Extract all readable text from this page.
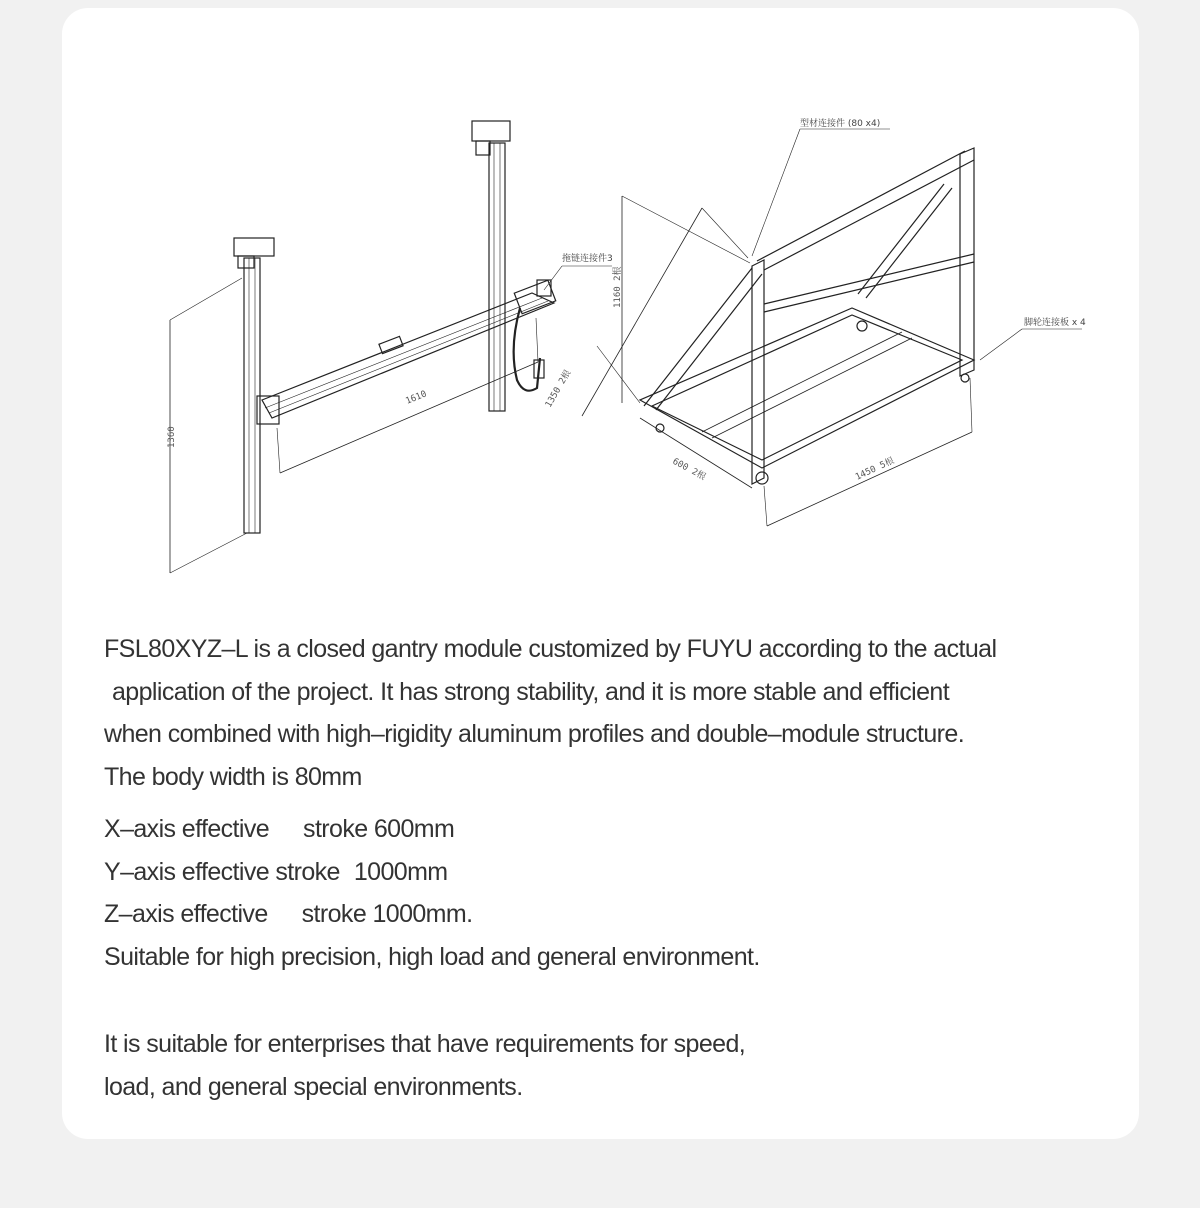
1360
1610
拖链连接件3
1160 2根
1350 2根
600 2根	1450 5根
型材连接件 (80 x4)
脚轮连接板 x 4

FSL80XYZ–L is a closed gantry module customized by FUYU according to the actual

application of the project. It has strong stability, and it is more stable and efficient

when combined with high–rigidity aluminum profiles and double–module structure.

The body width is 80mm

X–axis effective stroke 600mm

Y–axis effective stroke 1000mm

Z–axis effective stroke 1000mm.

Suitable for high precision, high load and general environment.

It is suitable for enterprises that have requirements for speed,

load, and general special environments.
